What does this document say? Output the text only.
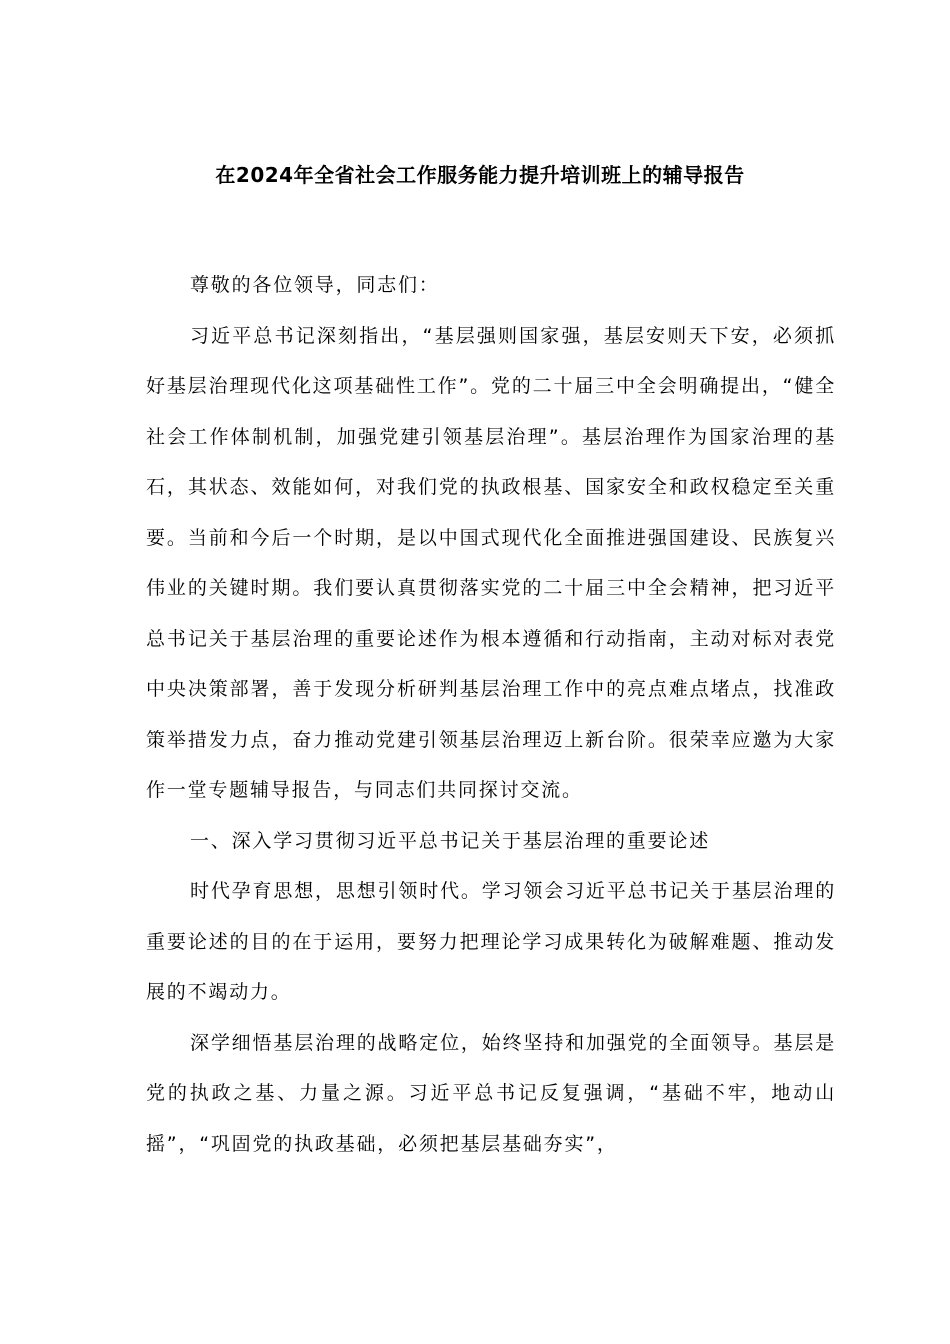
在2024年全省社会工作服务能力提升培训班上的辅导报告

尊敬的各位领导，同志们：

习近平总书记深刻指出，“基层强则国家强，基层安则天下安，必须抓好基层治理现代化这项基础性工作”。党的二十届三中全会明确提出，“健全社会工作体制机制，加强党建引领基层治理”。基层治理作为国家治理的基石，其状态、效能如何，对我们党的执政根基、国家安全和政权稳定至关重要。当前和今后一个时期，是以中国式现代化全面推进强国建设、民族复兴伟业的关键时期。我们要认真贯彻落实党的二十届三中全会精神，把习近平总书记关于基层治理的重要论述作为根本遵循和行动指南，主动对标对表党中央决策部署，善于发现分析研判基层治理工作中的亮点难点堵点，找准政策举措发力点，奋力推动党建引领基层治理迈上新台阶。很荣幸应邀为大家作一堂专题辅导报告，与同志们共同探讨交流。

一、深入学习贯彻习近平总书记关于基层治理的重要论述

时代孕育思想，思想引领时代。学习领会习近平总书记关于基层治理的重要论述的目的在于运用，要努力把理论学习成果转化为破解难题、推动发展的不竭动力。

深学细悟基层治理的战略定位，始终坚持和加强党的全面领导。基层是党的执政之基、力量之源。习近平总书记反复强调，“基础不牢，地动山摇”，“巩固党的执政基础，必须把基层基础夯实”，
